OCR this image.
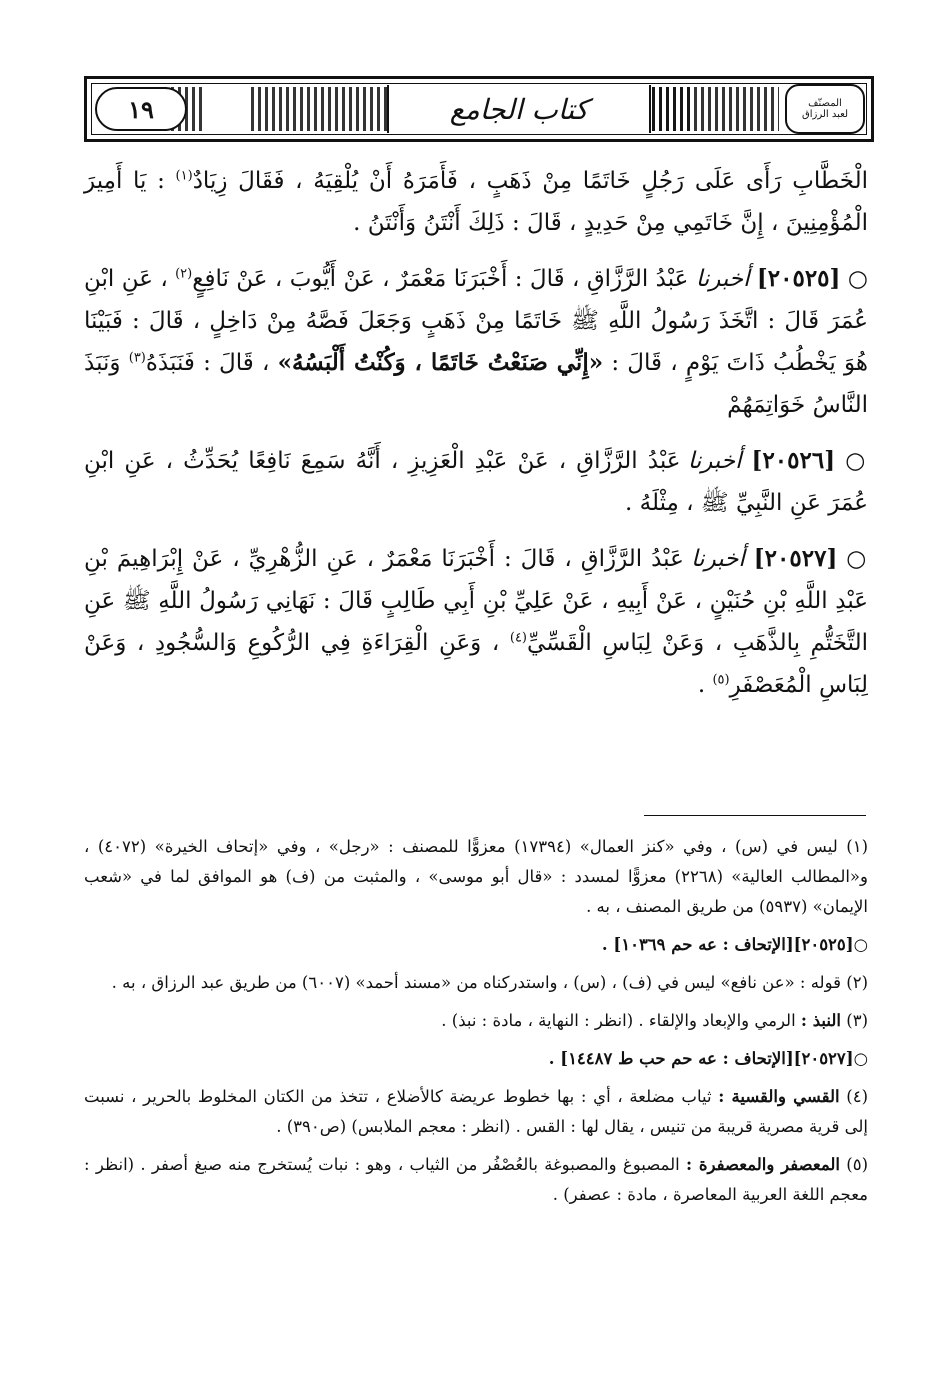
١٩	كتاب الجامع	المصنّف
لعبد الرزاق

الْخَطَّابِ رَأَى عَلَى رَجُلٍ خَاتَمًا مِنْ ذَهَبٍ ، فَأَمَرَهُ أَنْ يُلْقِيَهُ ، فَقَالَ زِيَادٌ$^{(١)}$ : يَا أَمِيرَ الْمُؤْمِنِينَ ، إِنَّ خَاتَمِي مِنْ حَدِيدٍ ، قَالَ : ذَلِكَ أَنْتَنُ وَأَنْتَنُ .

○ [٢٠٥٢٥] أخبرنا عَبْدُ الرَّزَّاقِ ، قَالَ : أَخْبَرَنَا مَعْمَرٌ ، عَنْ أَيُّوبَ ، عَنْ نَافِعٍ$^{(٢)}$ ، عَنِ ابْنِ عُمَرَ قَالَ : اتَّخَذَ رَسُولُ اللَّهِ ﷺ خَاتَمًا مِنْ ذَهَبٍ وَجَعَلَ فَصَّهُ مِنْ دَاخِلٍ ، قَالَ : فَبَيْنَا هُوَ يَخْطُبُ ذَاتَ يَوْمٍ ، قَالَ : «إِنِّي صَنَعْتُ خَاتَمًا ، وَكُنْتُ أَلْبَسُهُ» ، قَالَ : فَنَبَذَهُ$^{(٣)}$ وَنَبَذَ النَّاسُ خَوَاتِمَهُمْ

○ [٢٠٥٢٦] أخبرنا عَبْدُ الرَّزَّاقِ ، عَنْ عَبْدِ الْعَزِيزِ ، أَنَّهُ سَمِعَ نَافِعًا يُحَدِّثُ ، عَنِ ابْنِ عُمَرَ عَنِ النَّبِيِّ ﷺ ، مِثْلَهُ .

○ [٢٠٥٢٧] أخبرنا عَبْدُ الرَّزَّاقِ ، قَالَ : أَخْبَرَنَا مَعْمَرٌ ، عَنِ الزُّهْرِيِّ ، عَنْ إِبْرَاهِيمَ بْنِ عَبْدِ اللَّهِ بْنِ حُنَيْنٍ ، عَنْ أَبِيهِ ، عَنْ عَلِيِّ بْنِ أَبِي طَالِبٍ قَالَ : نَهَانِي رَسُولُ اللَّهِ ﷺ عَنِ التَّخَتُّمِ بِالذَّهَبِ ، وَعَنْ لِبَاسِ الْقَسِّيِّ$^{(٤)}$ ، وَعَنِ الْقِرَاءَةِ فِي الرُّكُوعِ وَالسُّجُودِ ، وَعَنْ لِبَاسِ الْمُعَصْفَرِ$^{(٥)}$ .

(١) ليس في (س) ، وفي «كنز العمال» (١٧٣٩٤) معزوًّا للمصنف : «رجل» ، وفي «إتحاف الخيرة» (٤٠٧٢) ، و«المطالب العالية» (٢٢٦٨) معزوًّا لمسدد : «قال أبو موسى» ، والمثبت من (ف) هو الموافق لما في «شعب الإيمان» (٥٩٣٧) من طريق المصنف ، به .

○[٢٠٥٢٥][الإتحاف : عه حم ١٠٣٦٩] .

(٢) قوله : «عن نافع» ليس في (ف) ، (س) ، واستدركناه من «مسند أحمد» (٦٠٠٧) من طريق عبد الرزاق ، به .

(٣) النبذ : الرمي والإبعاد والإلقاء . (انظر : النهاية ، مادة : نبذ) .

○[٢٠٥٢٧][الإتحاف : عه حم حب ط ١٤٤٨٧] .

(٤) القسي والقسية : ثياب مضلعة ، أي : بها خطوط عريضة كالأضلاع ، تتخذ من الكتان المخلوط بالحرير ، نسبت إلى قرية مصرية قريبة من تنيس ، يقال لها : القس . (انظر : معجم الملابس) (ص٣٩٠) .

(٥) المعصفر والمعصفرة : المصبوغ والمصبوغة بالعُصْفُر من الثياب ، وهو : نبات يُستخرج منه صبغ أصفر . (انظر : معجم اللغة العربية المعاصرة ، مادة : عصفر) .
